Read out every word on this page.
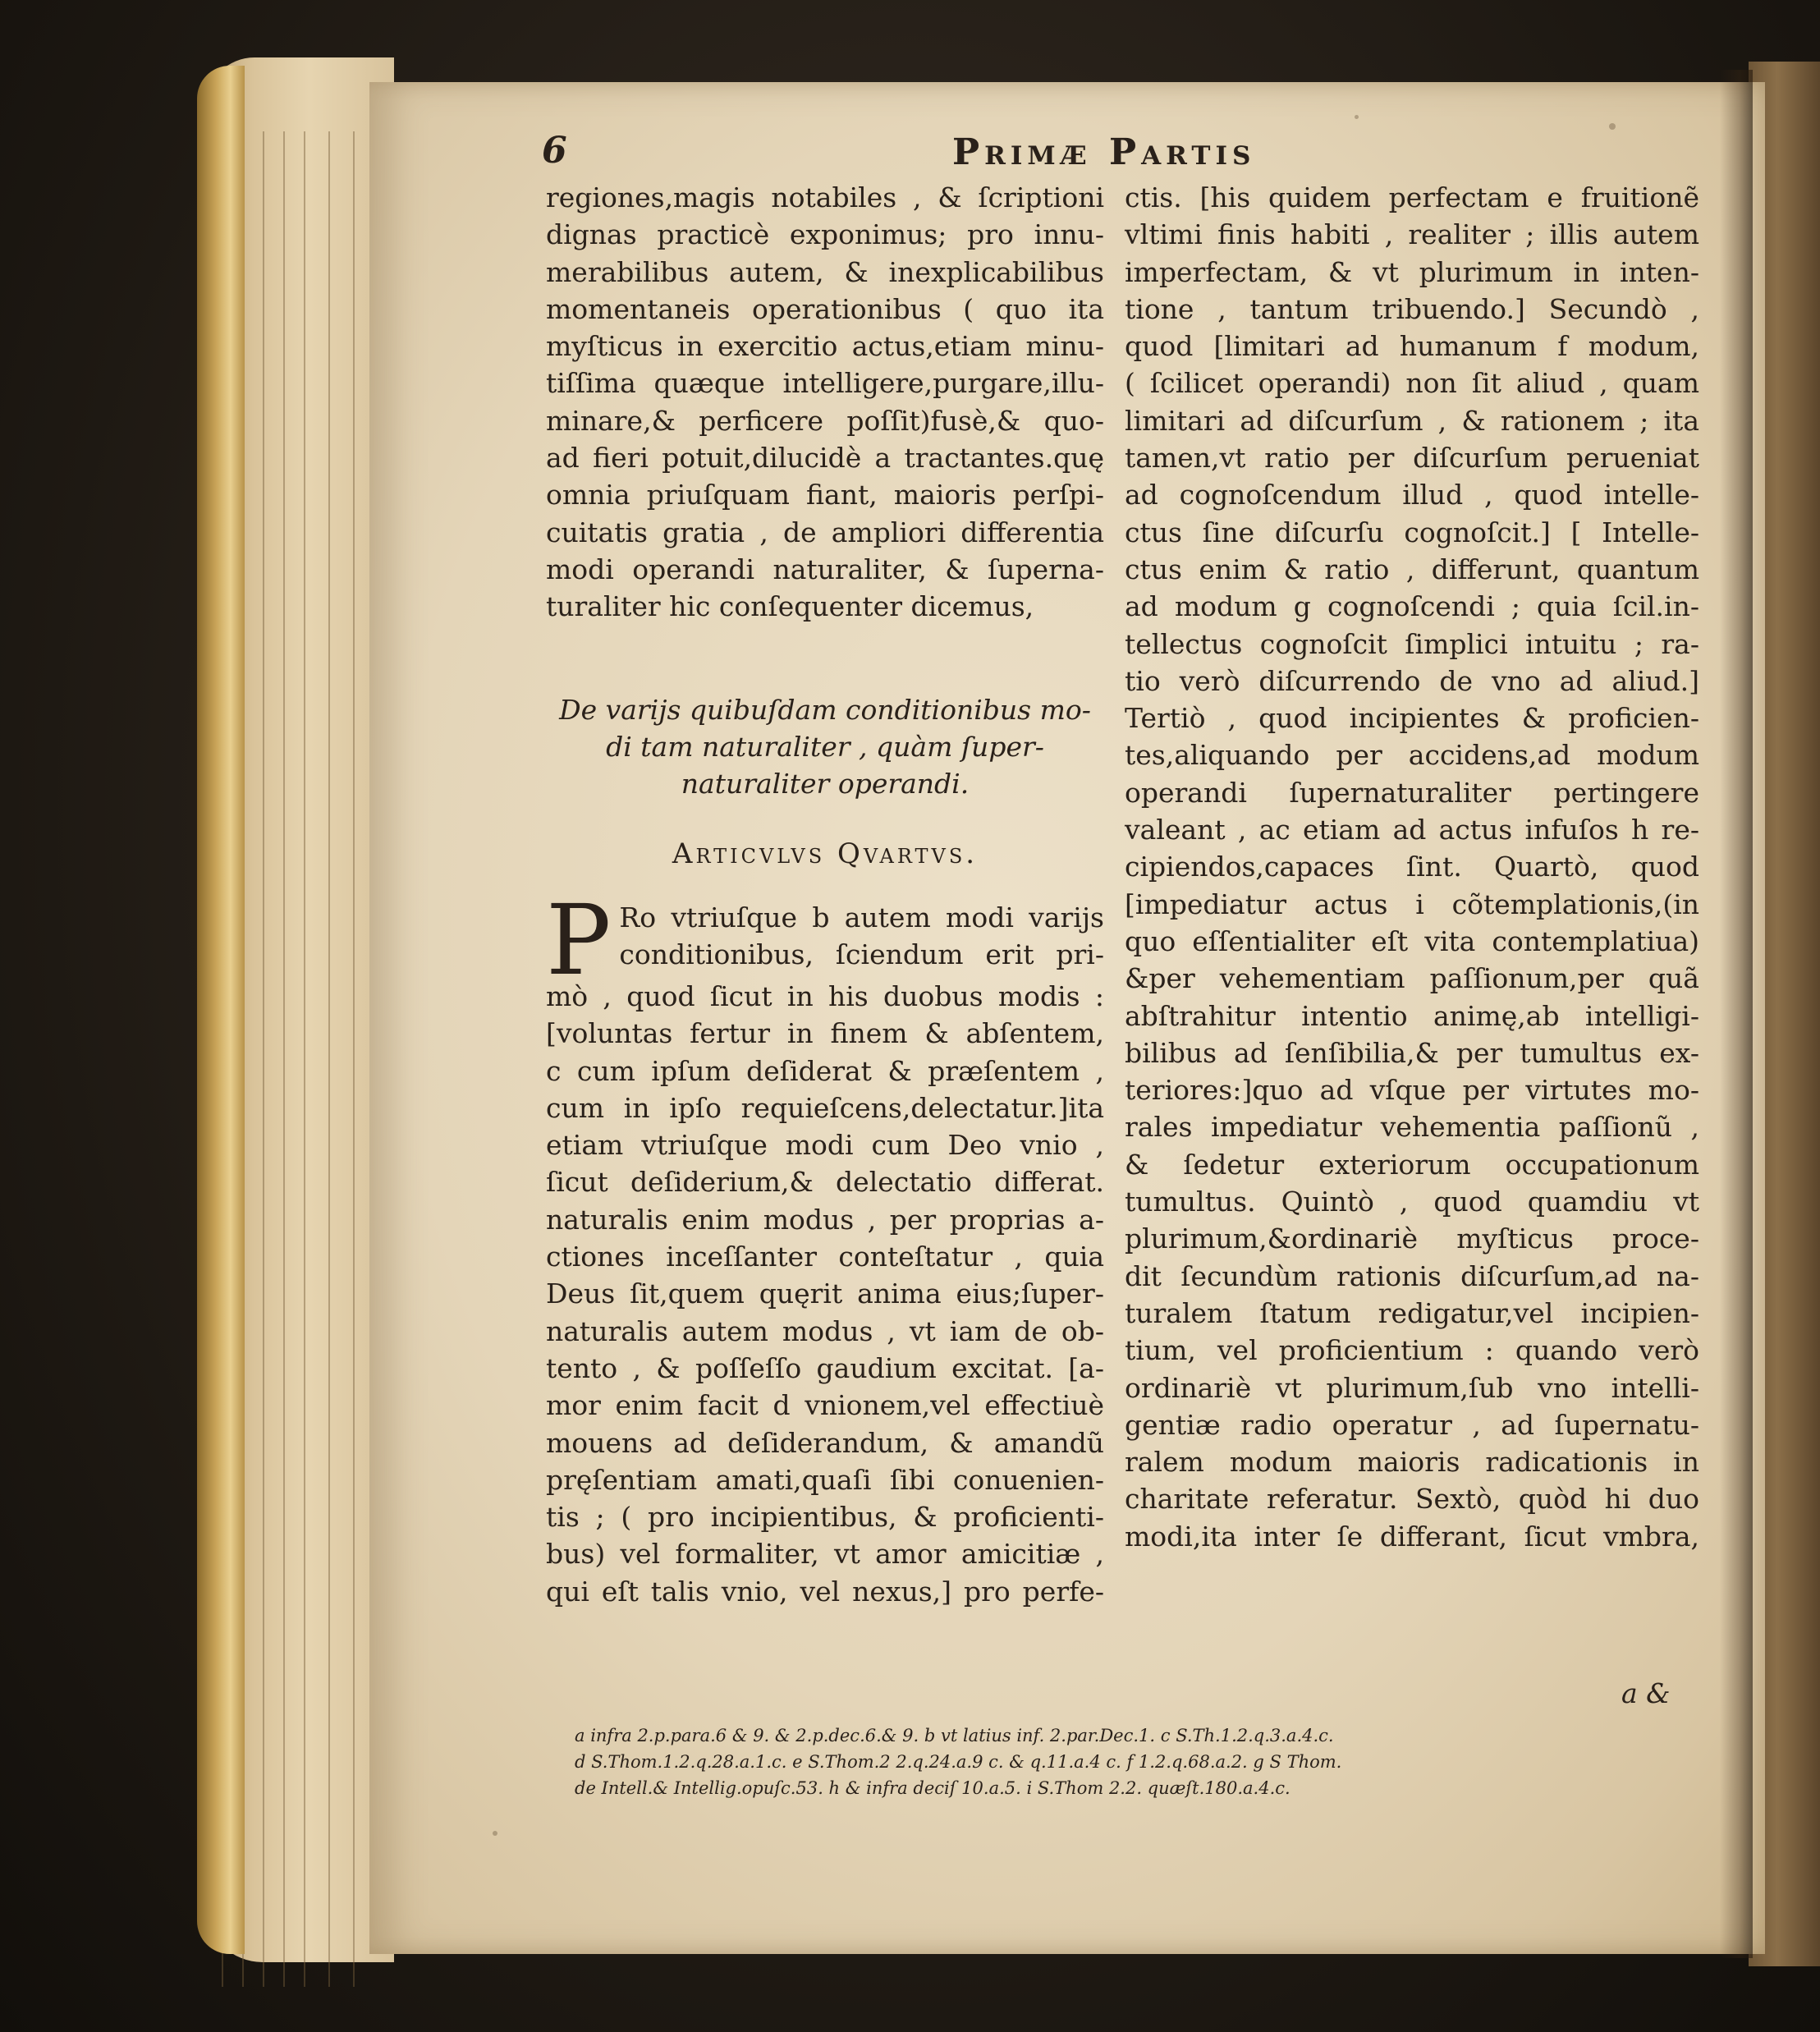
6	Primæ Partis
regiones,magis notabiles , & ſcriptioni
dignas practicè exponimus; pro innu-
merabilibus autem, & inexplicabilibus
momentaneis operationibus ( quo ita
myſticus in exercitio actus,etiam minu-
tiſſima quæque intelligere,purgare,illu-
minare,& perficere poſſit)fusè,& quo-
ad fieri potuit,dilucidè a tractantes.quę
omnia priuſquam fiant, maioris perſpi-
cuitatis gratia , de ampliori differentia
modi operandi naturaliter, & ſuperna-
turaliter hic conſequenter dicemus,
De varijs quibuſdam conditionibus mo-
di tam naturaliter , quàm ſuper-
naturaliter operandi.
Articvlvs Qvartvs.
P Ro vtriuſque b autem modi varijs
conditionibus, ſciendum erit pri-
mò , quod ſicut in his duobus modis :
[voluntas fertur in finem & abſentem,
c cum ipſum deſiderat & præſentem ,
cum in ipſo requieſcens,delectatur.]ita
etiam vtriuſque modi cum Deo vnio ,
ſicut deſiderium,& delectatio differat.
naturalis enim modus , per proprias a-
ctiones inceſſanter conteſtatur , quia
Deus ſit,quem quęrit anima eius;ſuper-
naturalis autem modus , vt iam de ob-
tento , & poſſeſſo gaudium excitat. [a-
mor enim facit d vnionem,vel effectiuè
mouens ad deſiderandum, & amandũ
pręſentiam amati,quaſi ſibi conuenien-
tis ; ( pro incipientibus, & proficienti-
bus) vel formaliter, vt amor amicitiæ ,
qui eſt talis vnio, vel nexus,] pro perfe-
ctis. [his quidem perfectam e fruitionẽ
vltimi finis habiti , realiter ; illis autem
imperfectam, & vt plurimum in inten-
tione , tantum tribuendo.] Secundò ,
quod [limitari ad humanum f modum,
( ſcilicet operandi) non ſit aliud , quam
limitari ad diſcurſum , & rationem ; ita
tamen,vt ratio per diſcurſum perueniat
ad cognoſcendum illud , quod intelle-
ctus ſine diſcurſu cognoſcit.] [ Intelle-
ctus enim & ratio , differunt, quantum
ad modum g cognoſcendi ; quia ſcil.in-
tellectus cognoſcit ſimplici intuitu ; ra-
tio verò diſcurrendo de vno ad aliud.]
Tertiò , quod incipientes & proficien-
tes,aliquando per accidens,ad modum
operandi ſupernaturaliter pertingere
valeant , ac etiam ad actus infuſos h re-
cipiendos,capaces ſint. Quartò, quod
[impediatur actus i cõtemplationis,(in
quo eſſentialiter eſt vita contemplatiua)
&per vehementiam paſſionum,per quã
abſtrahitur intentio animę,ab intelligi-
bilibus ad ſenſibilia,& per tumultus ex-
teriores:]quo ad vſque per virtutes mo-
rales impediatur vehementia paſſionũ ,
& ſedetur exteriorum occupationum
tumultus. Quintò , quod quamdiu vt
plurimum,&ordinariè myſticus proce-
dit ſecundùm rationis diſcurſum,ad na-
turalem ſtatum redigatur,vel incipien-
tium, vel proficientium : quando verò
ordinariè vt plurimum,ſub vno intelli-
gentiæ radio operatur , ad ſupernatu-
ralem modum maioris radicationis in
charitate referatur. Sextò, quòd hi duo
modi,ita inter ſe differant, ſicut vmbra,
a &
a infra 2.p.para.6 & 9. & 2.p.dec.6.& 9. b vt latius inf. 2.par.Dec.1. c S.Th.1.2.q.3.a.4.c.
d S.Thom.1.2.q.28.a.1.c. e S.Thom.2 2.q.24.a.9 c. & q.11.a.4 c. f 1.2.q.68.a.2. g S Thom.
de Intell.& Intellig.opuſc.53. h & infra deciſ 10.a.5. i S.Thom 2.2. quæſt.180.a.4.c.
